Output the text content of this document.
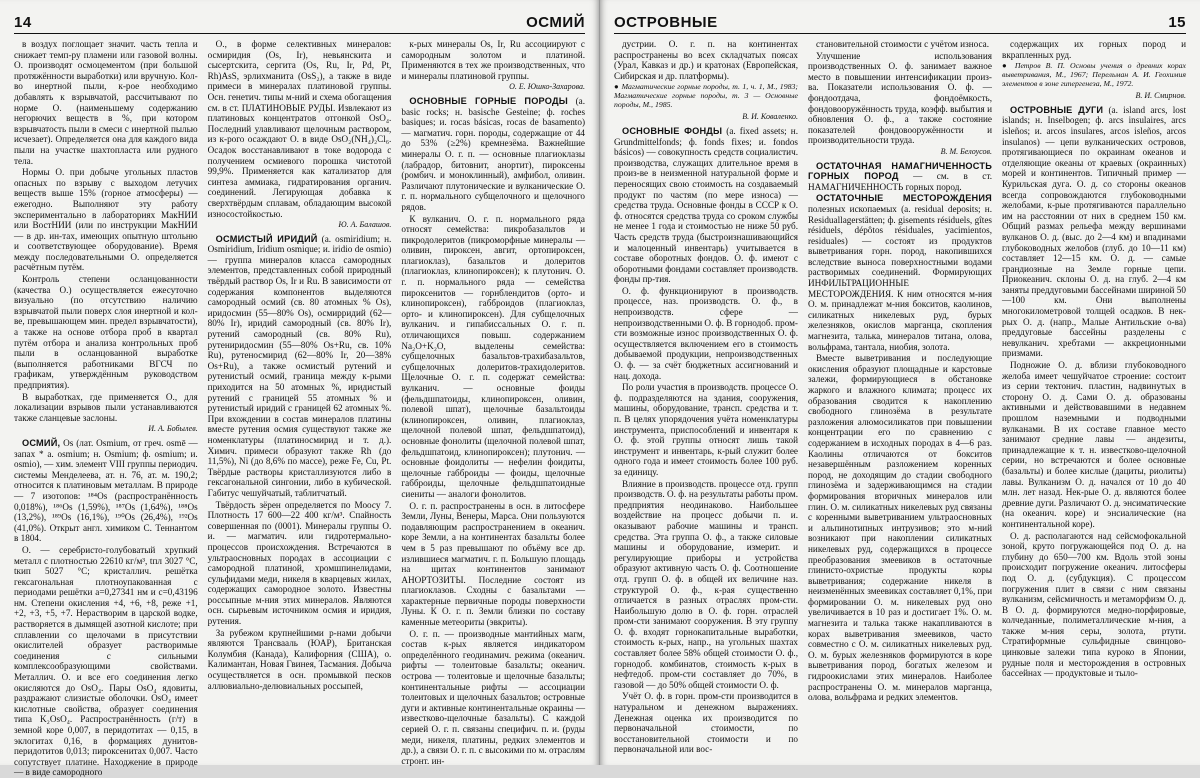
14	ОСМИЙ

в воздух поглощает значит. часть тепла и снижает темп-ру пламени или газовой волны. О. производят осмоцементом (при большой протяжённости выработки) или вручную. Кол-во инертной пыли, к-рое необходимо добавлять к взрывчатой, рассчитывают по норме О. (наименьшему содержанию негорючих веществ в %, при котором взрывчатость пыли в смеси с инертной пылью исчезает). Определяется она для каждого вида пыли на участке шахтопласта или рудного тела.

Нормы О. при добыче угольных пластов опасных по взрыву с выходом летучих веществ выше 15% (горное атмосферы) — ежегодно. Выполняют эту работу экспериментально в лабораториях МакНИИ или ВостНИИ (или по инструкции МакНИИ — в др. ин-тах, имеющих опытную штольню и соответствующее оборудование). Время между последовательными О. определяется расчётным путём.

Контроль степени осланцованности (качества О.) осуществляется ежесуточно визуально (по отсутствию наличию взрывчатой пыли поверх слоя инертной и кол-ве, превышающем мин. предел взрывчатости), а также на основе отбора проб в квартал путём отбора и анализа контрольных проб пыли в осланцованной выработке (выполняется работниками ВГСЧ по графикам, утверждённым руководством предприятия).

В выработках, где применяется О., для локализации взрывов пыли устанавливаются также сланцевые заслоны.

И. А. Бобылев.

ОСМИЙ, Os (лат. Osmium, от греч. osmē — запах * а. osmium; н. Osmium; ф. osmium; и. osmio), — хим. элемент VIII группы периодич. системы Менделеева, ат. н. 76, ат. м. 190,2; относится к платиновым металлам. В природе — 7 изотопов: ¹⁸⁴Os (распространённость 0,018%), ¹⁸⁶Os (1,59%), ¹⁸⁷Os (1,64%), ¹⁸⁸Os (13,2%), ¹⁸⁹Os (16,1%), ¹⁹⁰Os (26,4%), ¹⁹²Os (41,0%). Открыт англ. химиком С. Теннантом в 1804.

О. — серебристо-голубоватый хрупкий металл с плотностью 22610 кг/м³, tпл 3027 °С, tкип 5027 °С; кристаллич. решётка гексагональная плотноупакованная с периодами решётки а=0,27341 нм и с=0,43196 нм. Степени окисления +4, +6, +8, реже +1, +2, +3, +5, +7. Нерастворим в царской водке, растворяется в дымящей азотной кислоте; при сплавлении со щелочами в присутствии окислителей образует растворимые соединения с сильными комплексообразующими свойствами. Металлич. О. и все его соединения легко окисляются до OsO₄. Пары OsO₄ ядовиты, раздражают слизистые оболочки. OsO₄ имеет кислотные свойства, образует соединения типа K₂OsO₄. Распространённость (г/т) в земной коре 0,007, в перидотитах — 0,15, в эклогитах 0,16, в формациях дунитов-перидотитов 0,013; пироксенитах 0,007. Часто сопутствует платине. Находжение в природе — в виде самородного

О., в форме селективных минералов: осмиридия (Os, Ir), невьянскита и сысертскита, сергита (Os, Ru, Ir, Pd, Pt, Rh)AsS, эрлихманита (OsS₂), а также в виде примеси в минералах платиновой группы. Осн. генетич. типы м-ний и схема обогащения см. в ст. ПЛАТИНОВЫЕ РУДЫ. Извлекают из платиновых концентратов отгонкой OsO₄. Последний улавливают щелочным раствором, из к-рого осаждают О. в виде OsO₂(NH₄)₂Cl₆. Осадок восстанавливают в токе водорода с получением осмиевого порошка чистотой 99,9%. Применяется как катализатор для синтеза аммиака, гидратирования органич. соединений. Легирующая добавка к сверхтвёрдым сплавам, обладающим высокой износостойкостью.

Ю. А. Балашов.

ОСМИСТЫЙ ИРИДИЙ (а. osmiridium; н. Osmiridium, Iridium osmique; и. iridio de osmio) — группа минералов класса самородных элементов, представленных собой природный твёрдый раствор Os, Ir и Ru. В зависимости от содержания компонентов выделяются самородный осмий (св. 80 атомных % Os), иридосмин (55—80% Os), осмирридий (62—80% Ir), иридий самородный (св. 80% Ir), рутений самородный (св. 80% Ru), рутениридосмин (55—80% Os+Ru, св. 10% Ru), рутеносмирид (62—80% Ir, 20—38% Os+Ru), а также осмистый рутений и рутенистый осмий, граница между к-рыми приходится на 50 атомных %, иридистый рутений с границей 55 атомных % и рутенистый иридий с границей 62 атомных %. При вхождении в состав минералов платины вместе рутения осмия существуют также же номенклатуры (платиносмирид и т. д.). Химич. примеси образуют также Rh (до 11,5%), Ni (до 8,6% по массе), реже Fe, Cu, Pt. Твёрдые растворы кристаллизуются либо в гексагональной сингонии, либо в кубической. Габитус чешуйчатый, таблитчатый.

Твёрдость зёрен определяется по Моосу 7. Плотность 17 600—22 400 кг/м³. Спайность совершенная по (0001). Минералы группы О. и. — магматич. или гидротермально-процессов происхождения. Встречаются в ультраосновных породах в ассоциации с самородной платиной, хромшпинелидами, сульфидами меди, никеля в кварцевых жилах, содержащих самородное золото. Известны россыпные м-ния этих минералов. Являются осн. сырьевым источником осмия и иридия, рутения.

За рубежом крупнейшими р-нами добычи являются Трансвааль (ЮАР), Британская Колумбия (Канада), Калифорния (США), о. Калимантан, Новая Гвинея, Тасмания. Добыча осуществляется в осн. промывкой песков аллювиально-делювиальных россыпей,

к-рых минералы Os, Ir, Ru ассоциируют с самородным золотом и платиной. Применяются в тех же производственных, что и минералы платиновой группы.

О. Е. Юшко-Захарова.

ОСНОВНЫЕ ГОРНЫЕ ПОРОДЫ (а. basic rocks; н. basische Gesteine; ф. roches basiques; и. rocas básicas, rocas de basamento) — магматич. горн. породы, содержащие от 44 до 53% (≥2%) кремнезёма. Важнейшие минералы О. г. п. — основные плагиоклазы (лабрадор, битовнит, анортит), пироксены (ромбич. и моноклинный), амфибол, оливин. Различают плутонические и вулканические О. г. п. нормального субщелочного и щелочного рядов.

К вулканич. О. г. п. нормального ряда относят семейства: пикробазальтов и пикродолеритов (пикроморфные минералы — оливин, пироксен, авгит, ортопироксен, плагиоклаз), базальтов и долеритов (плагиоклаз, клинопироксен); к плутонич. О. г. п. нормального ряда — семейства пироксенитов — горнблендитов (орто- и клинопироксен), габброидов (плагиоклаз, орто- и клинопироксен). Для субщелочных вулканич. и гипабиссальных О. г. п. отличающихся повыш. содержанием Na₂O+K₂O, выделены семейства: субщелочных базальтов-трахибазальтов, субщелочных долеритов-трахидолеритов. Щелочные О. г. п. содержат семейства: вулканич. — основные фоиды (фельдшпатоиды, клинопироксен, оливин, полевой шпат), щелочные базальтоиды (клинопироксен, оливин, плагиоклаз, щелочной полевой шпат, фельдшпатоид), основные фонолиты (щелочной полевой шпат, фельдшпатоид, клинопироксен); плутонич. — основные фоидолиты — нефелин фоидиты, щелочные габброиды — фоиды, щелочные габброиды, щелочные фельдшпатоидные сиениты — аналоги фонолитов.

О. г. п. распространены в осн. в литосфере Земли, Луны, Венеры, Марса. Они пользуются подавляющим распространением в океанич. коре Земли, а на континентах базальты более чем в 5 раз превышают по объёму все др. излившиеся магматич. г. п. Большую площадь на щитах континентов занимают АНОРТОЗИТЫ. Последние состоят из плагиоклазов. Сходны с базальтами — характерные первичные породы поверхности Луны. К О. г. п. Земли близки по составу каменные метеориты (эвкриты).

О. г. п. — производные мантийных магм, состав к-рых является индикатором определённого геодинамич. режима (океанич. рифты — толеитовые базальты; океанич. острова — толеитовые и щелочные базальты; континентальные рифты — ассоциации толеитовых и щелочных базальтов; островные дуги и активные континентальные окраины — известково-щелочные базальты). С каждой серией О. г. п. связаны специфич. п. и. (руды меди, никеля, платины, редких элементов и др.), а связи О. г. п. с высокими по м. отраслям стронт. ин-

ОСТРОВНЫЕ	15

дустрии. О. г. п. на континентах распространены во всех складчатых поясах (Урал, Кавказ и др.) и кратонах (Европейская, Сибирская и др. платформы).

● Магматические горные породы, т. 1, ч. 1, М., 1983; Магматические горные породы, т. 3 — Основные породы, М., 1985.

В. И. Коваленко.

ОСНОВНЫЕ ФОНДЫ (а. fixed assets; н. Grundmittelfonds; ф. fonds fixes; и. fondos básicos) — совокупность средств социалистич. производства, служащих длительное время в произ-ве в неизменной натуральной форме и переносящих свою стоимость на создаваемый продукт по частям (по мере износа) — средства труда. Основные фонды в СССР к О. ф. относятся средства труда со сроком службы не менее 1 года и стоимостью не ниже 50 руб. Часть средств труда (быстроизнашивающийся и малоценный инвентарь) учитывается в составе оборотных фондов. О. ф. имеют с оборотными фондами составляет производств. фонды пр-тия.

О. ф. функционируют в производств. процессе, наз. производств. О. ф., в непроизводств. сфере — непроизводственными О. ф. В горнодоб. пром-сти возможные износ производственных О. ф. осуществляется включением его в стоимость добываемой продукции, непроизводственных О. ф. — за счёт бюджетных ассигнований и нац. дохода.

По роли участия в производств. процессе О. ф. подразделяются на здания, сооружения, машины, оборудование, трансп. средства и т. п. В целях упорядочения учёта номенклатуры инструмента, приспособлений и инвентаря к О. ф. этой группы относят лишь такой инструмент и инвентарь, к-рый служит более одного года и имеет стоимость более 100 руб. за единицу.

Влияние в производств. процессе отд. групп производств. О. ф. на результаты работы пром. предприятия неодинаково. Наибольшее воздействие на процесс добычи п. и. оказывают рабочие машины и трансп. средства. Эта группа О. ф., а также силовые машины и оборудование, измерит. и регулирующие приборы и устройства образуют активную часть О. ф. Соотношение отд. групп О. ф. в общей их величине наз. структурой О. ф., к-рая существенно отличается в разных отраслях пром-сти. Наибольшую долю в О. ф. горн. отраслей пром-сти занимают сооружения. В эту группу О. ф. входят горнокапитальные выработки, стоимость к-рых, напр., на угольных шахтах составляет более 58% общей стоимости О. ф., горнодоб. комбинатов, стоимость к-рых в нефтедоб. пром-сти составляет до 70%, в газовой — до 50% общей стоимости О. ф.

Учёт О. ф. в горн. пром-сти производится в натуральном и денежном выражениях. Денежная оценка их производится по первоначальной стоимости, по восстановительной стоимости и по первоначальной или вос-

становительной стоимости с учётом износа.

Улучшение использования производственных О. ф. занимает важное место в повышении интенсификации произ-ва. Показатели использования О. ф. — фондоотдача, фондоёмкость, фондовооружённость труда, коэфф. выбытия и обновления О. ф., а также состояние показателей фондовооружённости и производительности труда.

В. М. Белоусов.

ОСТАТОЧНАЯ НАМАГНИЧЕННОСТЬ ГОРНЫХ ПОРОД — см. в ст. НАМАГНИЧЕННОСТЬ горных пород.

ОСТАТОЧНЫЕ МЕСТОРОЖДЕНИЯ полезных ископаемых (а. residual deposits; н. Residuallagerstätten; ф. gisements résiduels, gîtes résiduels, dépôtos résiduales, yacimientos, residuales) — состоят из продуктов выветривания горн. пород, накопившихся вследствие выноса поверхностными водами растворимых соединений. Формирующих ИНФИЛЬТРАЦИОННЫЕ МЕСТОРОЖДЕНИЯ. К ним относятся м-ния О. м. принадлежат м-ния бокситов, каолинов, силикатных никелевых руд, бурых железняков, окислов марганца, скопления магнезита, талька, минералов титана, олова, вольфрама, тантала, ниобия, золота.

Вместе выветривания и последующие окисления образуют площадные и карстовые залежи, формирующиеся в обстановке жаркого и влажного климата; процесс их образования сводится к накоплению свободного глинозёма в результате разложения алюмосиликатов при повышении концентрации его по сравнению с содержанием в исходных породах в 4—6 раз. Каолины отличаются от бокситов незавершённым разложением коренных пород, не доходящим до стадии свободного глинозёма и задерживающимся на стадии формирования вторичных минералов или глин. О. м. силикатных никелевых руд связаны с коренными выветриванием ультраосновных и альпинотипных интрузивов; это м-ний возникают при накоплении силикатных никелевых руд, содержащихся в процессе преобразования змеевиков в остаточные глинисто-охристые продукты коры выветривания; содержание никеля в неизменённых змеевиках составляет 0,1%, при формировании О. м. никелевых руд оно увеличивается в 10 раз и достигает 1%. О. м. магнезита и талька также накапливаются в корах выветривания змеевиков, часто совместно с О. м. силикатных никелевых руд. О. м. бурых железняков формируются в коре выветривания пород, богатых железом и гидроокислами этих минералов. Наиболее распространены О. м. минералов марганца, олова, вольфрама и редких элементов.

содержащих их горных пород и вкрапленных руд.

● Петров В. П. Основы учения о древних корах выветривания, М., 1967; Перельман А. И. Геохимия элементов в зоне гипергенеза, М., 1972.

В. И. Смирнов.

ОСТРОВНЫЕ ДУГИ (а. island arcs, lost islands; н. Inselbogen; ф. arcs insulaires, arcs isleños; и. arcos insulares, arcos isleños, arcos insulanos) — цепи вулканических островов, протягивающиеся по окраинам океанов и отделяющие океаны от краевых (окраинных) морей и континентов. Типичный пример — Курильская дуга. О. д. со стороны океанов всегда сопровождаются глубоководными желобами, к-рые протягиваются параллельно им на расстоянии от них в среднем 150 км. Общий размах рельефа между вершинами вулканов О. д. (выс. до 2—4 км) и впадинами глубоководных желобов (глуб. до 10—11 км) составляет 12—15 км. О. д. — самые грандиозные на Земле горные цепи. Приокеанич. склоны О. д. на глуб. 2—4 км заняты преддуговыми бассейнами шириной 50—100 км. Они выполнены многокилометровой толщей осадков. В нек-рых О. д. (напр., Малые Антильские о-ва) преддуговые бассейны разделены с невулканич. хребтами — аккреционными призмами.

Подножие О. д. вблизи глубоководного желоба имеет чешуйчатое строение: состоит из серии тектонич. пластин, надвинутых в сторону О. д. Сами О. д. образованы активными и действовавшими в недавнем прошлом наземными и подводными вулканами. В их составе главное место занимают средние лавы — андезиты, принадлежащие к т. н. известково-щелочной серии, но встречаются и более основные (базальты) и более кислые (дациты, риолиты) лавы. Вулканизм О. д. начался от 10 до 40 млн. лет назад. Нек-рые О. д. являются более древние дуги. Различают О. д. энсиматические (на океанич. коре) и энсиалические (на континентальной коре).

О. д. располагаются над сейсмофокальной зоной, круто погружающейся под О. д. на глубину до 650—700 км. Вдоль этой зоны происходит погружение океанич. литосферы под О. д. (субдукция). С процессом погружения плит в связи с ним связаны вулканизм, сейсмичность и метаморфизм О. д. В О. д. формируются медно-порфировые, колчеданные, полиметаллические м-ния, а также м-ния серы, золота, ртути. Стратиформные сульфидные свинцово-цинковые залежи типа куроко в Японии, рудные поля и месторождения в островных бассейнах — продуктовые и тыло-
